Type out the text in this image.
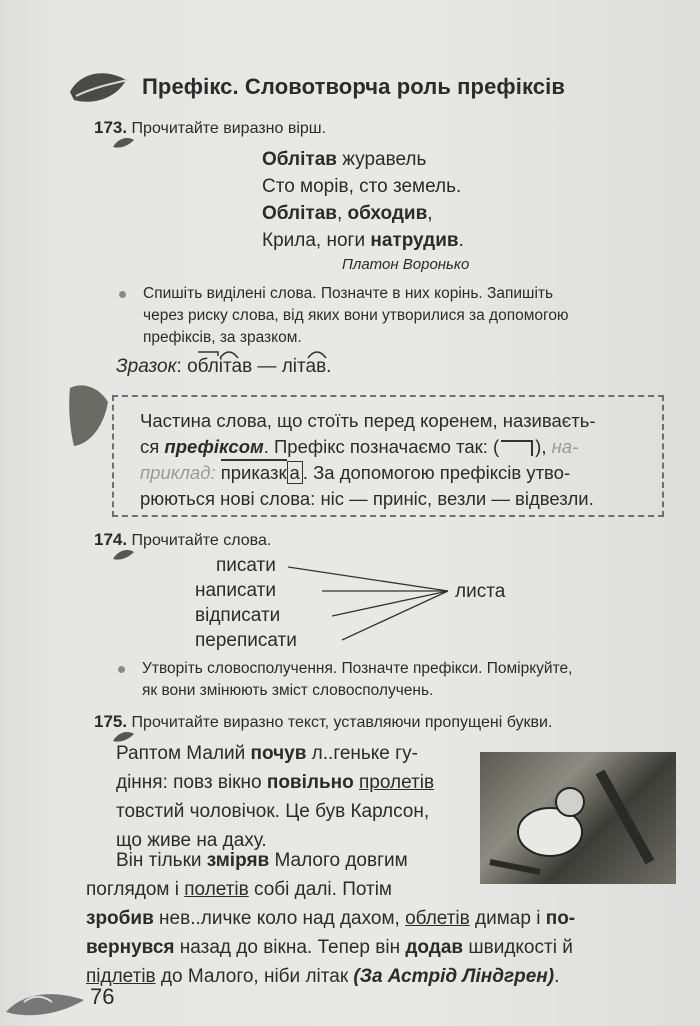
Префікс. Словотворча роль префіксів
173. Прочитайте виразно вірш.
Облітав журавель
Сто морів, сто земель.
Облітав, обходив,
Крила, ноги натрудив.
Платон Воронько
Спишіть виділені слова. Позначте в них корінь. Запишіть
через риску слова, від яких вони утворилися за допомогою
префіксів, за зразком.
Зразок: облітав — літав.
Частина слова, що стоїть перед коренем, називаєть-
ся префіксом. Префікс позначаємо так: ( ), на-
приклад: приказк а . За допомогою префіксів утво-
рюються нові слова: ніс — приніс, везли — відвезли.
174. Прочитайте слова.
писати
написати
відписати
переписати
листа
Утворіть словосполучення. Позначте префікси. Поміркуйте,
як вони змінюють зміст словосполучень.
175. Прочитайте виразно текст, уставляючи пропущені букви.
Раптом Малий почув л..геньке гу-
діння: повз вікно повільно пролетів
товстий чоловічок. Це був Карлсон,
що живе на даху.
Він тільки зміряв Малого довгим
поглядом і полетів собі далі. Потім
зробив нев..личке коло над дахом, облетів димар і по-
вернувся назад до вікна. Тепер він додав швидкості й
підлетів до Малого, ніби літак (За Астрід Ліндгрен).
76
